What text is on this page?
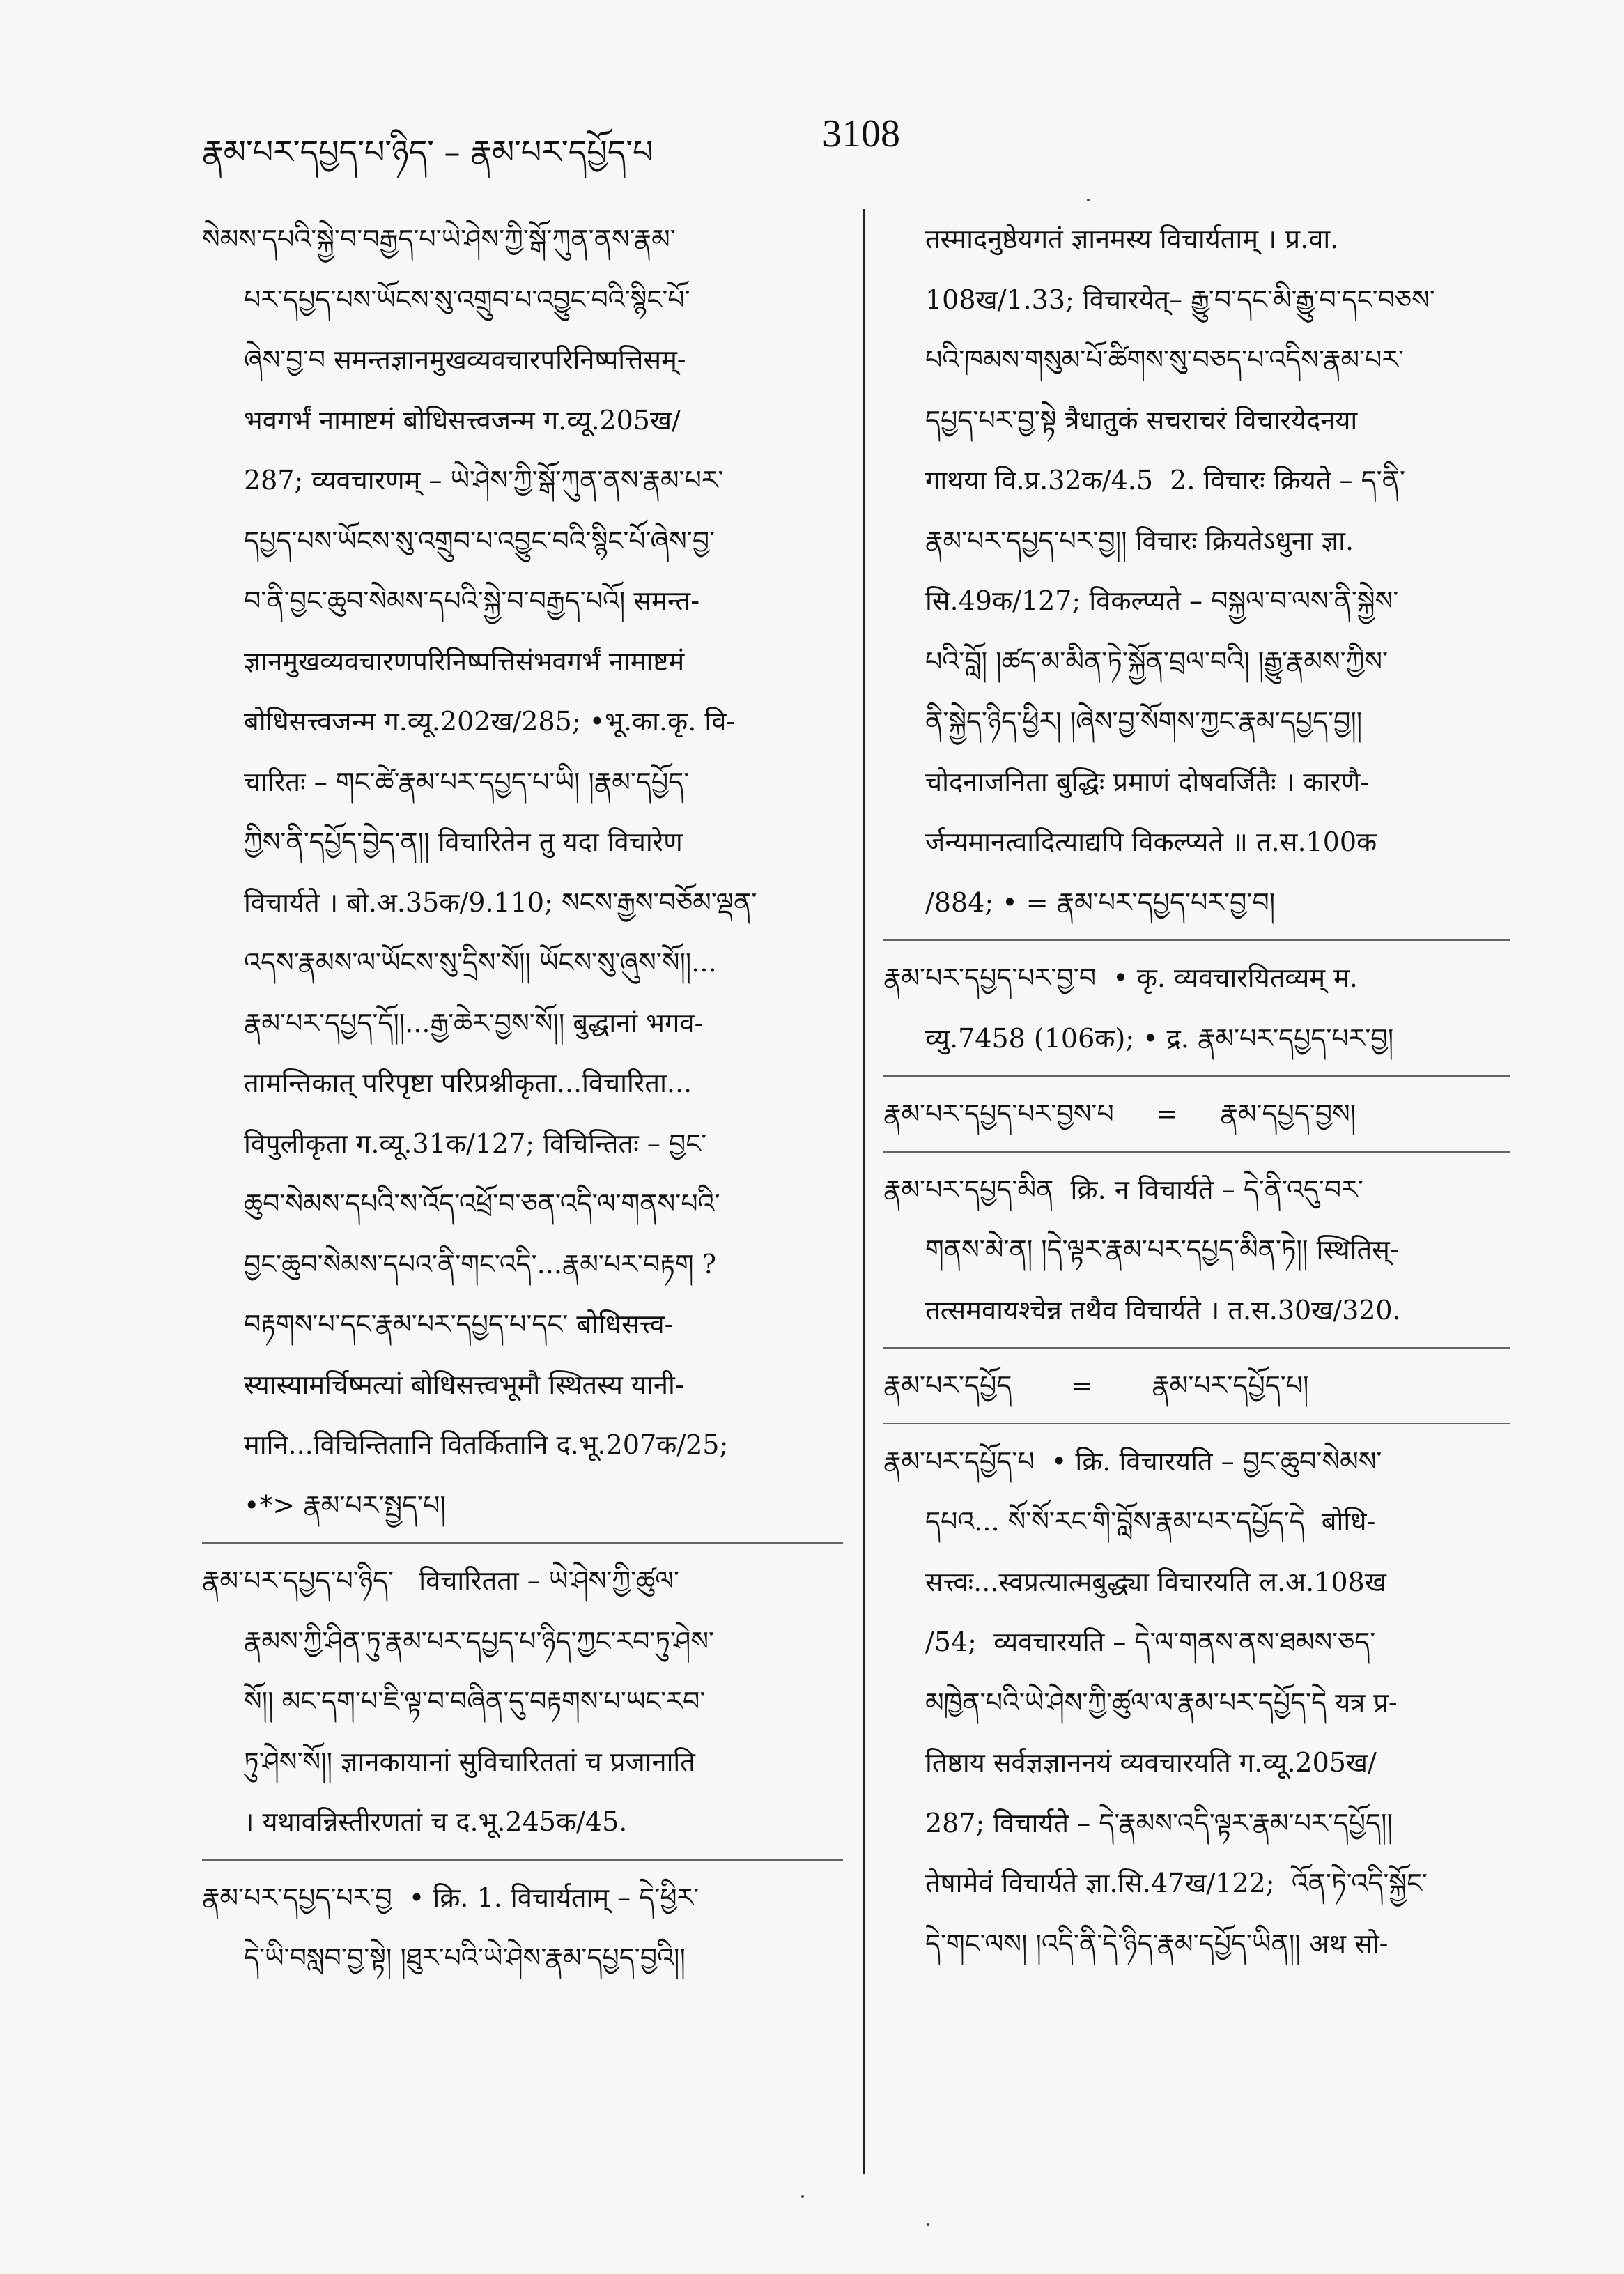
རྣམ་པར་དཔྱད་པ་ཉིད་ – རྣམ་པར་དཔྱོད་པ	3108

སེམས་དཔའི་སྐྱེ་བ་བརྒྱད་པ་ཡེ་ཤེས་ཀྱི་སྒོ་ཀུན་ནས་རྣམ་
པར་དཔྱད་པས་ཡོངས་སུ་འགྲུབ་པ་འབྱུང་བའི་སྙིང་པོ་
ཞེས་བྱ་བ समन्तज्ञानमुखव्यवचारपरिनिष्पत्तिसम्-
भवगर्भं नामाष्टमं बोधिसत्त्वजन्म ग.व्यू.205ख/
287; व्यवचारणम् – ཡེ་ཤེས་ཀྱི་སྒོ་ཀུན་ནས་རྣམ་པར་
དཔྱད་པས་ཡོངས་སུ་འགྲུབ་པ་འབྱུང་བའི་སྙིང་པོ་ཞེས་བྱ་
བ་ནི་བྱང་ཆུབ་སེམས་དཔའི་སྐྱེ་བ་བརྒྱད་པའོ། समन्त-
ज्ञानमुखव्यवचारणपरिनिष्पत्तिसंभवगर्भं नामाष्टमं
बोधिसत्त्वजन्म ग.व्यू.202ख/285; •भू.का.कृ. वि-
चारितः – གང་ཚེ་རྣམ་པར་དཔྱད་པ་ཡི། །རྣམ་དཔྱོད་
ཀྱིས་ནི་དཔྱོད་བྱེད་ན།། विचारितेन तु यदा विचारेण
विचार्यते । बो.अ.35क/9.110; སངས་རྒྱས་བཅོམ་ལྡན་
འདས་རྣམས་ལ་ཡོངས་སུ་དྲིས་སོ།། ཡོངས་སུ་ཞུས་སོ།།...
རྣམ་པར་དཔྱད་དོ།།...རྒྱ་ཆེར་བྱས་སོ།། बुद्धानां भगव-
तामन्तिकात् परिपृष्टा परिप्रश्नीकृता...विचारिता...
विपुलीकृता ग.व्यू.31क/127; विचिन्तितः – བྱང་
ཆུབ་སེམས་དཔའི་ས་འོད་འཕྲོ་བ་ཅན་འདི་ལ་གནས་པའི་
བྱང་ཆུབ་སེམས་དཔའ་ནི་གང་འདི་...རྣམ་པར་བརྟག ?
བརྟགས་པ་དང་རྣམ་པར་དཔྱད་པ་དང་ बोधिसत्त्व-
स्यास्यामर्चिष्मत्यां बोधिसत्त्वभूमौ स्थितस्य यानी-
मानि...विचिन्तितानि वितर्कितानि द.भू.207क/25;
•*> རྣམ་པར་སྤྱད་པ།

རྣམ་པར་དཔྱད་པ་ཉིད་   विचारितता – ཡེ་ཤེས་ཀྱི་ཚུལ་
རྣམས་ཀྱི་ཤིན་ཏུ་རྣམ་པར་དཔྱད་པ་ཉིད་ཀྱང་རབ་ཏུ་ཤེས་
སོ།། མང་དག་པ་ཇི་ལྟ་བ་བཞིན་དུ་བརྟགས་པ་ཡང་རབ་
ཏུ་ཤེས་སོ།། ज्ञानकायानां सुविचारिततां च प्रजानाति
। यथावन्निस्तीरणतां च द.भू.245क/45.

རྣམ་པར་དཔྱད་པར་བྱ  • क्रि. 1. विचार्यताम् – དེ་ཕྱིར་
དེ་ཡི་བསླབ་བྱ་སྟེ། །ཐུར་པའི་ཡེ་ཤེས་རྣམ་དཔྱད་བྱའི།།

तस्मादनुष्ठेयगतं ज्ञानमस्य विचार्यताम् । प्र.वा.
108ख/1.33; विचारयेत्– རྒྱུ་བ་དང་མི་རྒྱུ་བ་དང་བཅས་
པའི་ཁམས་གསུམ་པོ་ཚིགས་སུ་བཅད་པ་འདིས་རྣམ་པར་
དཔྱད་པར་བྱ་སྟེ त्रैधातुकं सचराचरं विचारयेदनया
गाथया वि.प्र.32क/4.5  2. विचारः क्रियते – ད་ནི་
རྣམ་པར་དཔྱད་པར་བྱ།། विचारः क्रियतेऽधुना ज्ञा.
सि.49क/127; विकल्प्यते – བསྐྱལ་བ་ལས་ནི་སྐྱེས་
པའི་བློ། །ཚད་མ་མིན་ཏེ་སྐྱོན་བྲལ་བའི། །རྒྱུ་རྣམས་ཀྱིས་
ནི་སྐྱེད་ཉིད་ཕྱིར། །ཞེས་བྱ་སོགས་ཀྱང་རྣམ་དཔྱད་བྱ།།
चोदनाजनिता बुद्धिः प्रमाणं दोषवर्जितैः । कारणै-
र्जन्यमानत्वादित्याद्यपि विकल्प्यते ॥ त.स.100क
/884; • = རྣམ་པར་དཔྱད་པར་བྱ་བ།

རྣམ་པར་དཔྱད་པར་བྱ་བ  • कृ. व्यवचारयितव्यम् म.
व्यु.7458 (106क); • द्र. རྣམ་པར་དཔྱད་པར་བྱ།

རྣམ་པར་དཔྱད་པར་བྱས་པ     =     རྣམ་དཔྱད་བྱས།

རྣམ་པར་དཔྱད་མིན  क्रि. न विचार्यते – དེ་ནི་འདུ་བར་
གནས་མེ་ན། །དེ་ལྟར་རྣམ་པར་དཔྱད་མིན་ཏེ།། स्थितिस्-
तत्समवायश्चेन्न तथैव विचार्यते । त.स.30ख/320.

རྣམ་པར་དཔྱོད       =       རྣམ་པར་དཔྱོད་པ།

རྣམ་པར་དཔྱོད་པ  • क्रि. विचारयति – བྱང་ཆུབ་སེམས་
དཔའ... སོ་སོ་རང་གི་བློས་རྣམ་པར་དཔྱོད་དེ  बोधि-
सत्त्वः...स्वप्रत्यात्मबुद्ध्या विचारयति ल.अ.108ख
/54;  व्यवचारयति – དེ་ལ་གནས་ནས་ཐམས་ཅད་
མཁྱེན་པའི་ཡེ་ཤེས་ཀྱི་ཚུལ་ལ་རྣམ་པར་དཔྱོད་དེ यत्र प्र-
तिष्ठाय सर्वज्ञज्ञाननयं व्यवचारयति ग.व्यू.205ख/
287; विचार्यते – དེ་རྣམས་འདི་ལྟར་རྣམ་པར་དཔྱོད།།
तेषामेवं विचार्यते ज्ञा.सि.47ख/122;  འོན་ཏེ་འདི་སྐྱོང་
དེ་གང་ལས། །འདི་ནི་དེ་ཉིད་རྣམ་དཔྱོད་ཡིན།། अथ सो-
